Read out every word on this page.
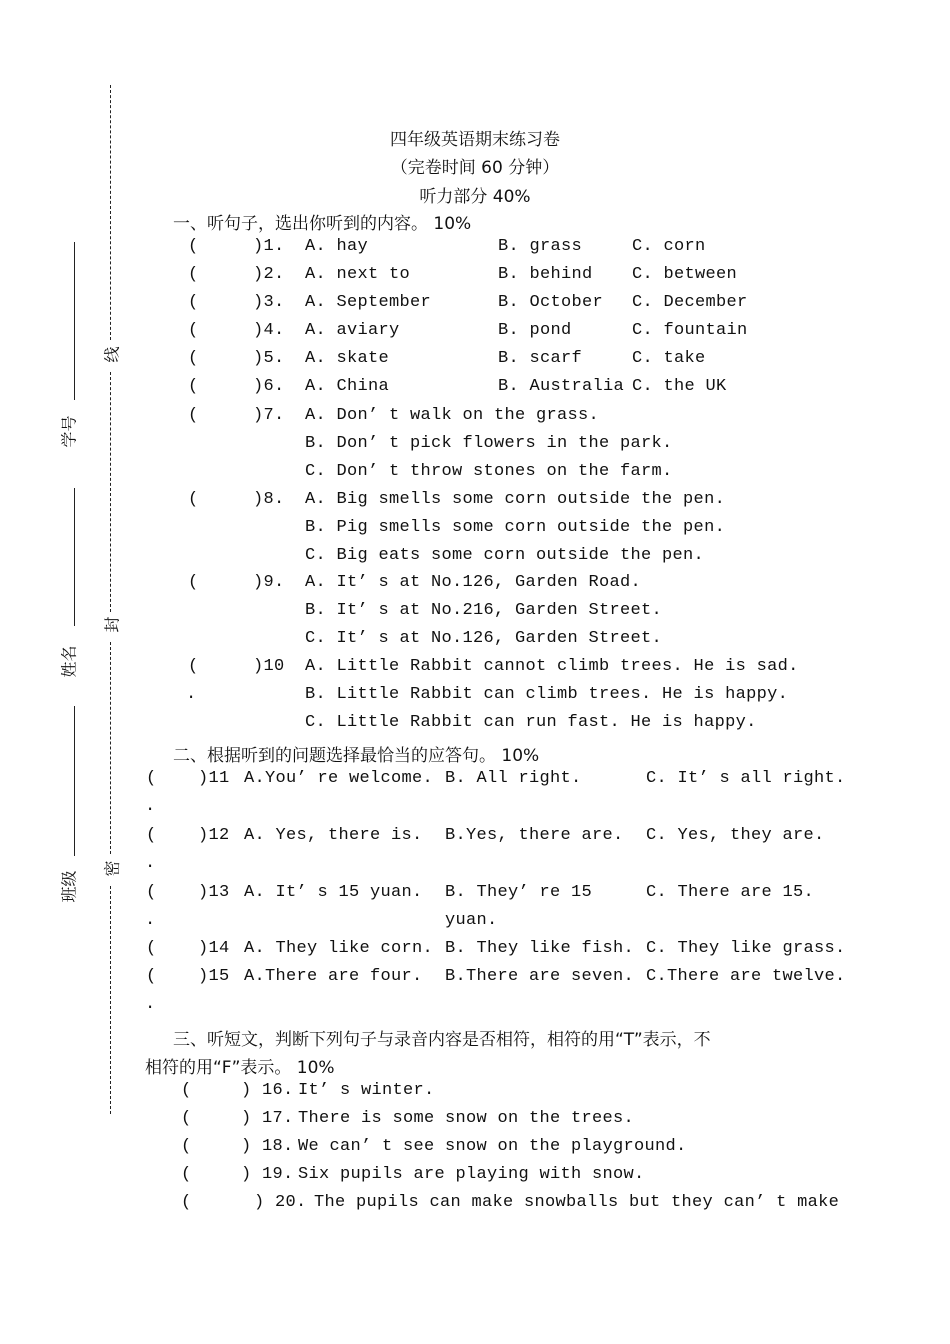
线
封
密
学号
姓名
班级
四年级英语期末练习卷
（完卷时间 60 分钟）
听力部分 40%
一、听句子，选出你听到的内容。 10%
(	)1. A. hay	B. grass	C. corn
(	)2. A. next to	B. behind C. between
(	)3. A. September	B. October C. December
(	)4. A. aviary	B. pond	C. fountain
(	)5. A. skate	B. scarf	C. take
(	)6. A. China	B. Australia C. the UK
(	)7. A. Don’ t walk on the grass.
B. Don’ t pick flowers in the park.
C. Don’ t throw stones on the farm.
(	)8. A. Big smells some corn outside the pen.
B. Pig smells some corn outside the pen.
C. Big eats some corn outside the pen.
(	)9. A. It’ s at No.126, Garden Road.
B. It’ s at No.216, Garden Street.
C. It’ s at No.126, Garden Street.
(	)10 A. Little Rabbit cannot climb trees. He is sad.
B. Little Rabbit can climb trees. He is happy.
C. Little Rabbit can run fast. He is happy.
.
二、根据听到的问题选择最恰当的应答句。 10%
( )11 A.You’ re welcome. B. All right.	C. It’ s all right.
( )12 A. Yes, there is. B.Yes, there are. C. Yes, they are.
( )13 A. It’ s 15 yuan. B. They’ re 15	C. There are 15.
yuan.
( )14 A. They like corn. B. They like fish. C. They like grass.
( )15 A.There are four. B.There are seven. C.There are twelve.
.
.
.
.
三、听短文，判断下列句子与录音内容是否相符，相符的用“T”表示，不
相符的用“F”表示。 10%
(	) 16. It’ s winter.
(	) 17. There is some snow on the trees.
(	) 18. We can’ t see snow on the playground.
(	) 19. Six pupils are playing with snow.
(	) 20. The pupils can make snowballs but they can’ t make
